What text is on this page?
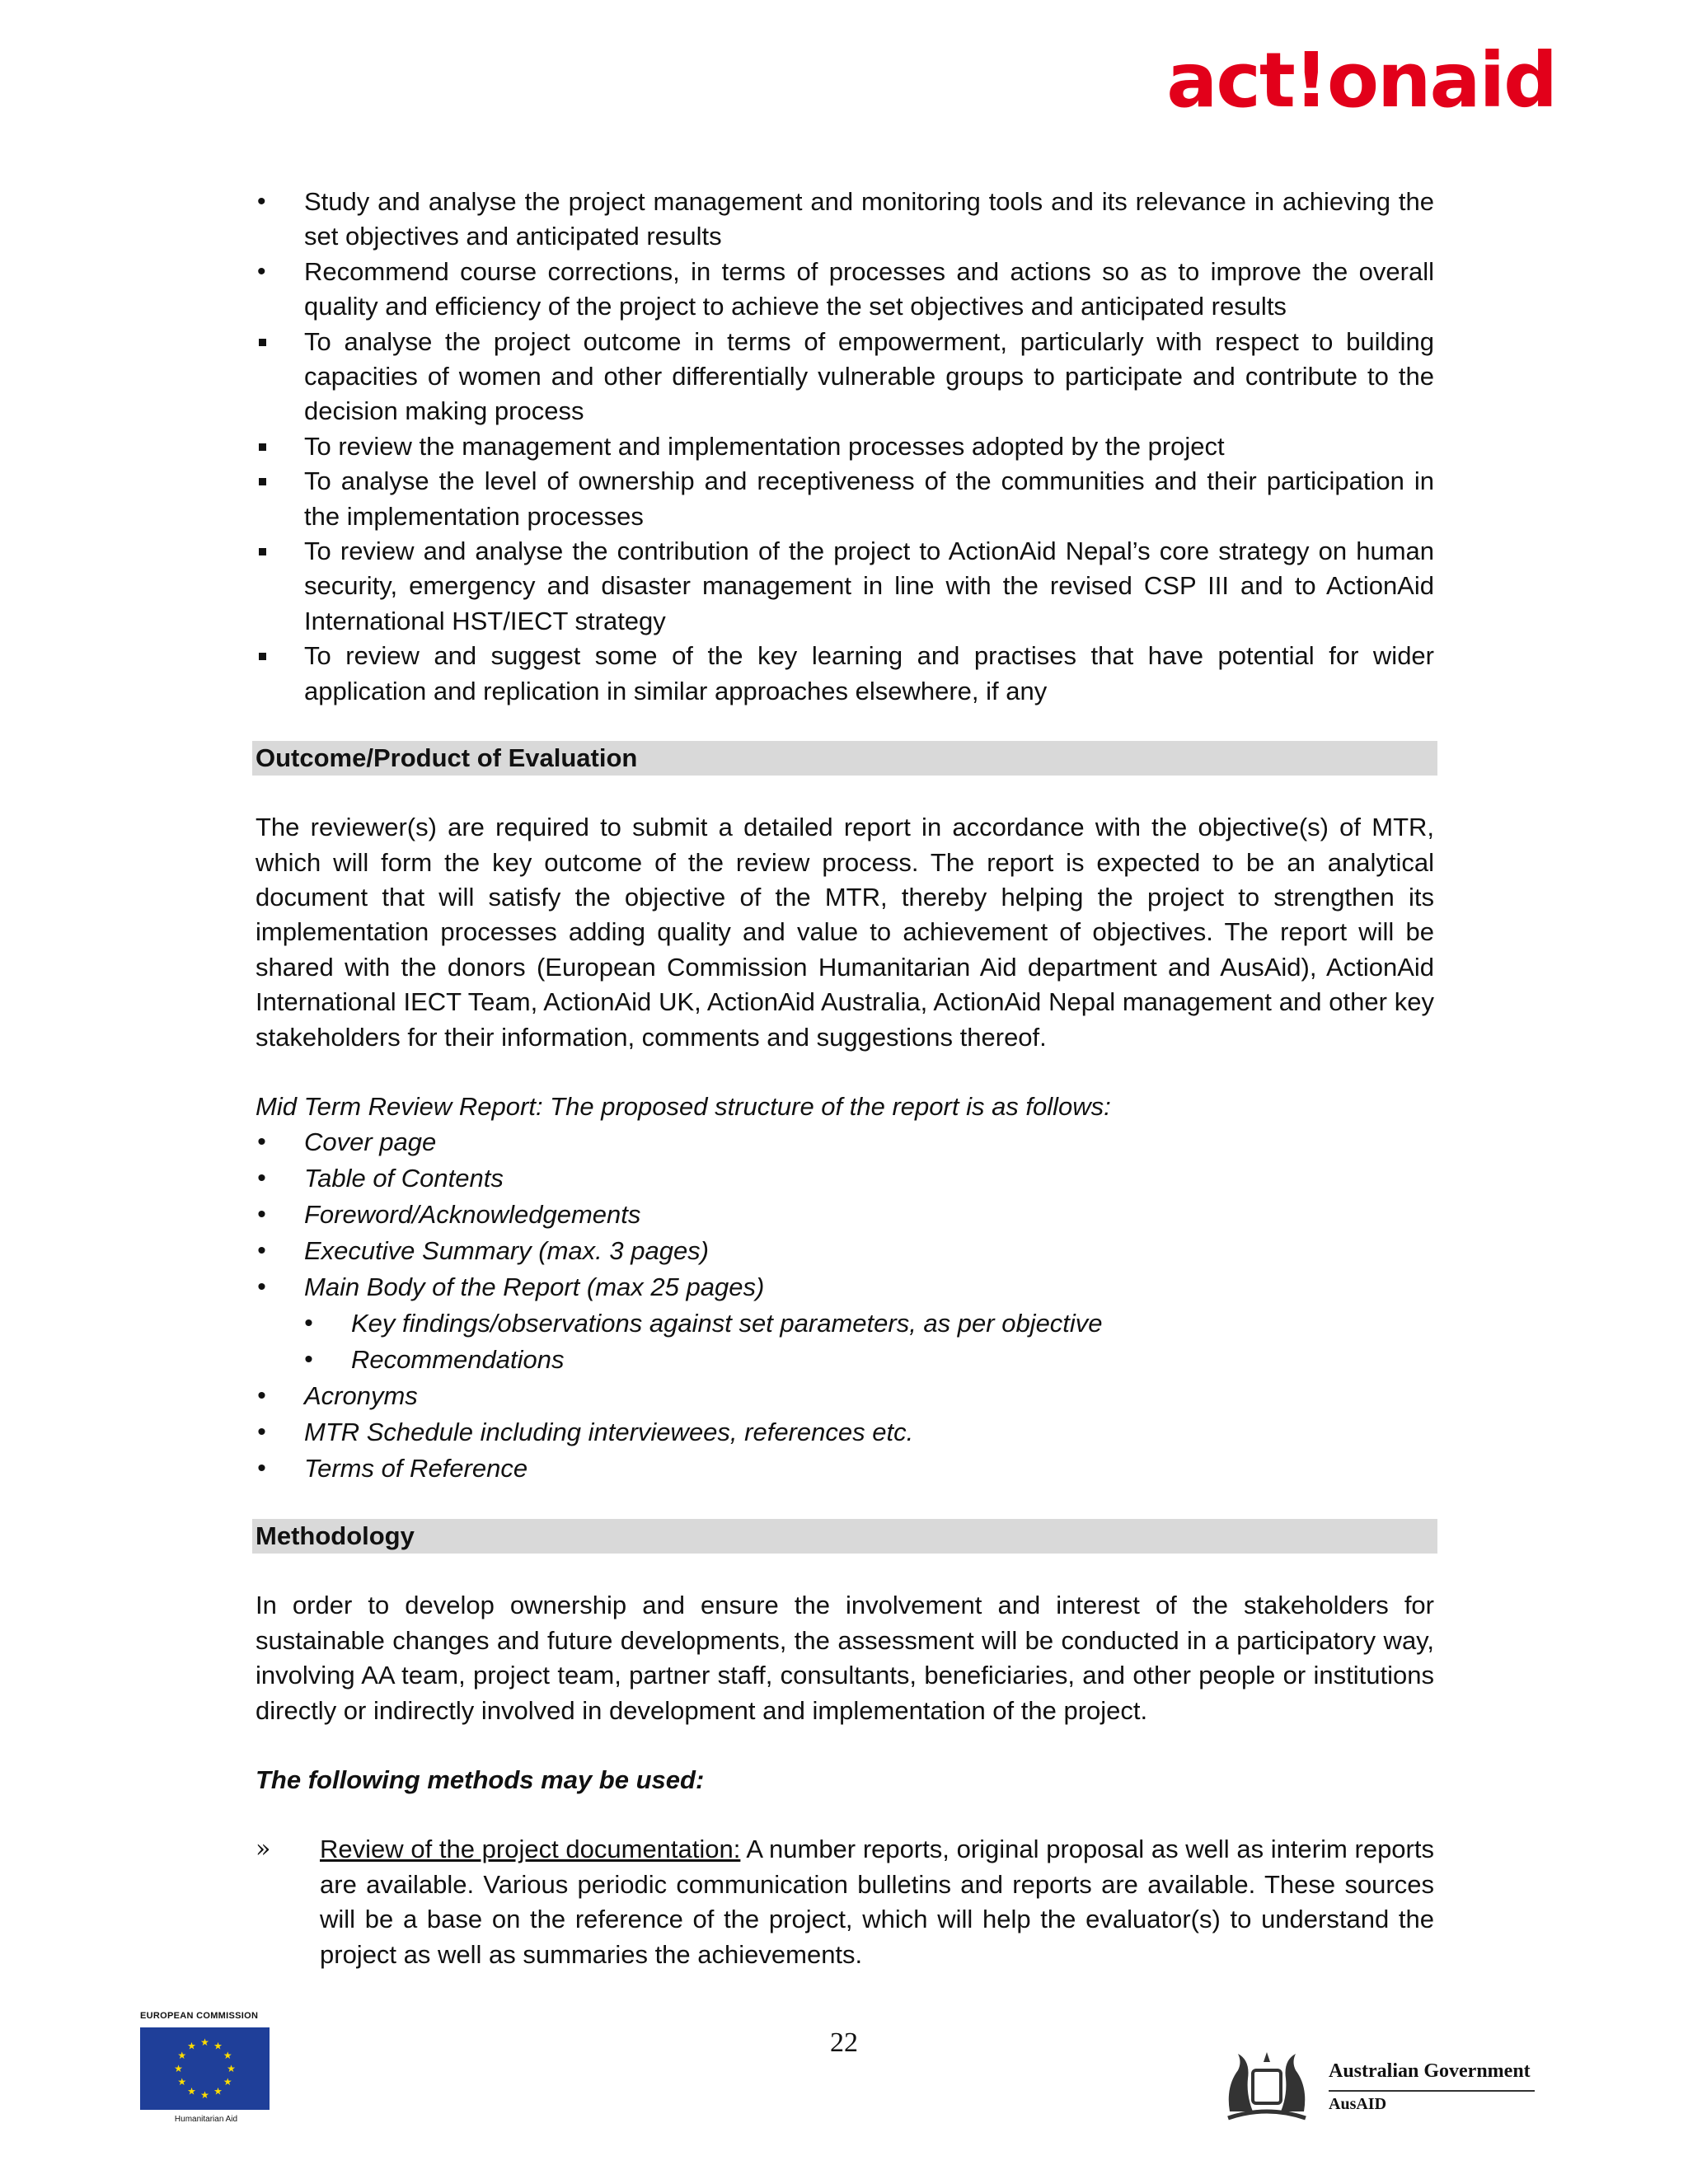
act!onaid
•	Study and analyse the project management and monitoring tools and its relevance in achieving the set objectives and anticipated results
•	Recommend course corrections, in terms of processes and actions so as to improve the overall quality and efficiency of the project to achieve the set objectives and anticipated results
To analyse the project outcome in terms of empowerment, particularly with respect to building capacities of women and other differentially vulnerable groups to participate and contribute to the decision making process
To review the management and implementation processes adopted by the project
To analyse the level of ownership and receptiveness of the communities and their participation in the implementation processes
To review and analyse the contribution of the project to ActionAid Nepal’s core strategy on human security, emergency and disaster management in line with the revised CSP III and to ActionAid International HST/IECT strategy
To review and suggest some of the key learning and practises that have potential for wider application and replication in similar approaches elsewhere, if any
Outcome/Product of Evaluation

The reviewer(s) are required to submit a detailed report in accordance with the objective(s) of MTR, which will form the key outcome of the review process. The report is expected to be an analytical document that will satisfy the objective of the MTR, thereby helping the project to strengthen its implementation processes adding quality and value to achievement of objectives. The report will be shared with the donors (European Commission Humanitarian Aid department and AusAid), ActionAid International IECT Team, ActionAid UK, ActionAid Australia, ActionAid Nepal management and other key stakeholders for their information, comments and suggestions thereof.

Mid Term Review Report: The proposed structure of the report is as follows:

•	Cover page
•	Table of Contents
•	Foreword/Acknowledgements
•	Executive Summary (max. 3 pages)
•	Main Body of the Report (max 25 pages)
•	Key findings/observations against set parameters, as per objective
•	Recommendations
•	Acronyms
•	MTR Schedule including interviewees, references etc.
•	Terms of Reference
Methodology

In order to develop ownership and ensure the involvement and interest of the stakeholders for sustainable changes and future developments, the assessment will be conducted in a participatory way, involving AA team, project team, partner staff, consultants, beneficiaries, and other people or institutions directly or indirectly involved in development and implementation of the project.

The following methods may be used:

» Review of the project documentation: A number reports, original proposal as well as interim reports are available. Various periodic communication bulletins and reports are available. These sources will be a base on the reference of the project, which will help the evaluator(s) to understand the project as well as summaries the achievements.
22
EUROPEAN COMMISSION
★
★
★
★
★
★
★
★
★ ★ ★
★
Humanitarian Aid
Australian Government
AusAID
